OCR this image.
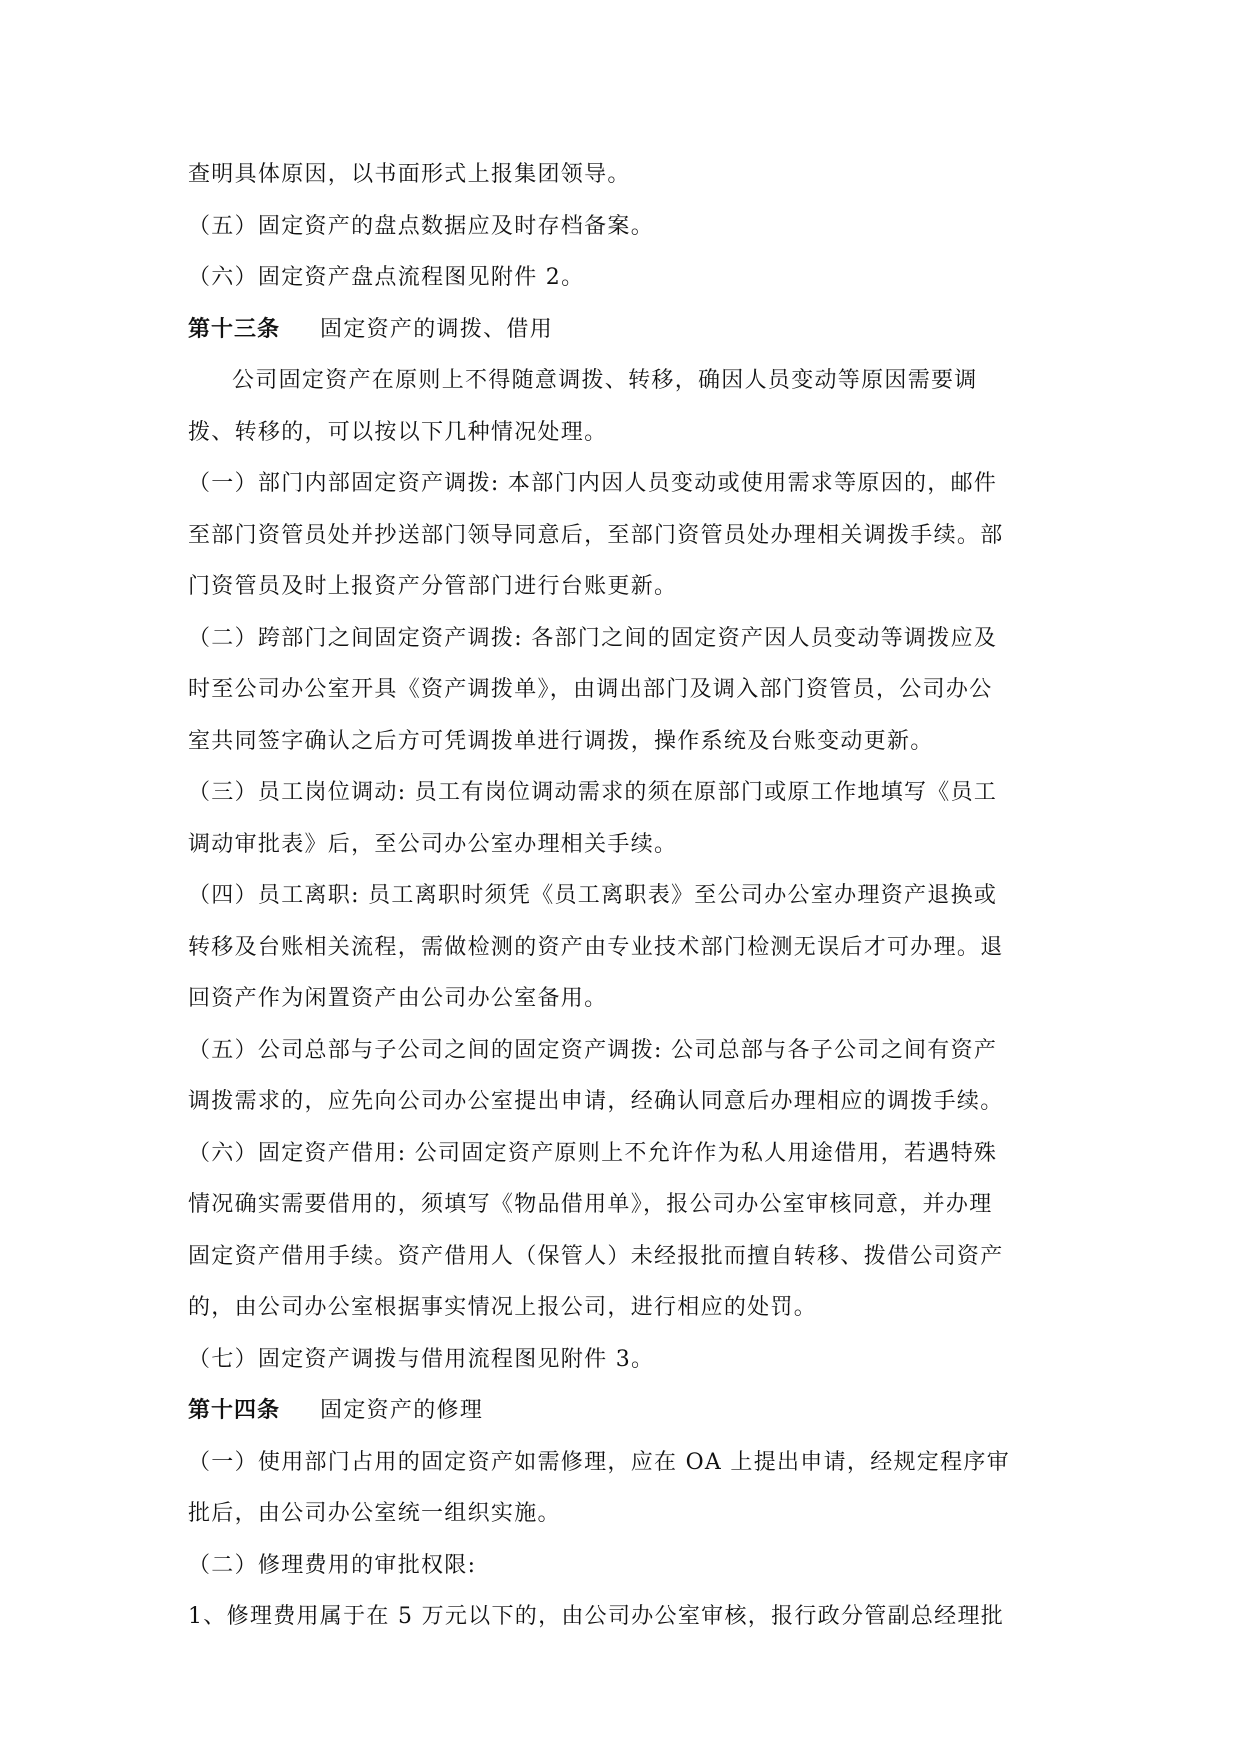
查明具体原因，以书面形式上报集团领导。
（五）固定资产的盘点数据应及时存档备案。
（六）固定资产盘点流程图见附件 2。
第十三条 固定资产的调拨、借用
公司固定资产在原则上不得随意调拨、转移，确因人员变动等原因需要调
拨、转移的，可以按以下几种情况处理。
（一）部门内部固定资产调拨: 本部门内因人员变动或使用需求等原因的，邮件
至部门资管员处并抄送部门领导同意后，至部门资管员处办理相关调拨手续。部
门资管员及时上报资产分管部门进行台账更新。
（二）跨部门之间固定资产调拨: 各部门之间的固定资产因人员变动等调拨应及
时至公司办公室开具《资产调拨单》，由调出部门及调入部门资管员，公司办公
室共同签字确认之后方可凭调拨单进行调拨，操作系统及台账变动更新。
（三）员工岗位调动: 员工有岗位调动需求的须在原部门或原工作地填写《员工
调动审批表》后，至公司办公室办理相关手续。
（四）员工离职: 员工离职时须凭《员工离职表》至公司办公室办理资产退换或
转移及台账相关流程，需做检测的资产由专业技术部门检测无误后才可办理。退
回资产作为闲置资产由公司办公室备用。
（五）公司总部与子公司之间的固定资产调拨: 公司总部与各子公司之间有资产
调拨需求的，应先向公司办公室提出申请，经确认同意后办理相应的调拨手续。
（六）固定资产借用: 公司固定资产原则上不允许作为私人用途借用，若遇特殊
情况确实需要借用的，须填写《物品借用单》，报公司办公室审核同意，并办理
固定资产借用手续。资产借用人（保管人）未经报批而擅自转移、拨借公司资产
的，由公司办公室根据事实情况上报公司，进行相应的处罚。
（七）固定资产调拨与借用流程图见附件 3。
第十四条 固定资产的修理
（一）使用部门占用的固定资产如需修理，应在 OA 上提出申请，经规定程序审
批后，由公司办公室统一组织实施。
（二）修理费用的审批权限:
1、修理费用属于在 5 万元以下的，由公司办公室审核，报行政分管副总经理批
